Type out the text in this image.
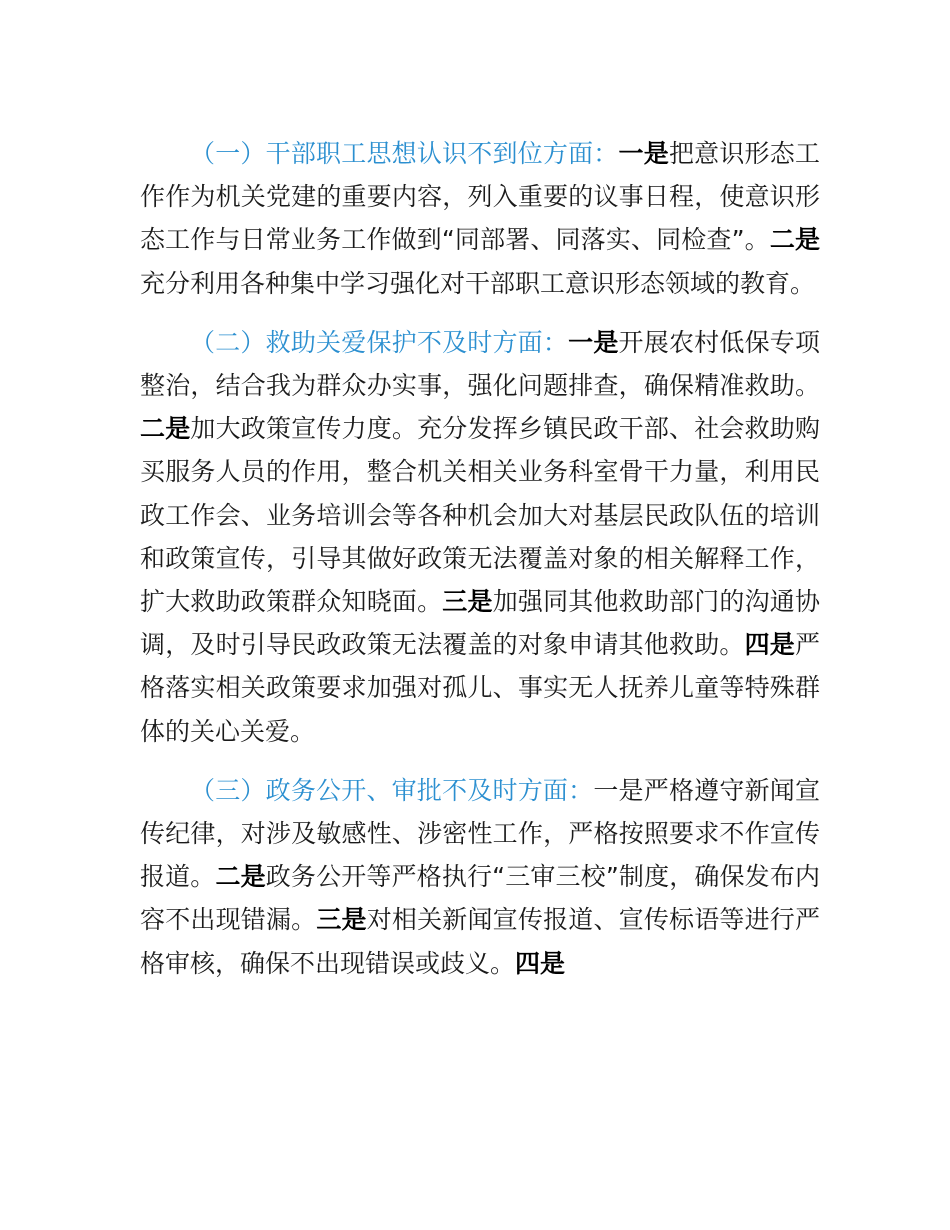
（一）干部职工思想认识不到位方面：一是把意识形态工作作为机关党建的重要内容，列入重要的议事日程，使意识形态工作与日常业务工作做到“同部署、同落实、同检查”。二是充分利用各种集中学习强化对干部职工意识形态领域的教育。

（二）救助关爱保护不及时方面：一是开展农村低保专项整治，结合我为群众办实事，强化问题排查，确保精准救助。二是加大政策宣传力度。充分发挥乡镇民政干部、社会救助购买服务人员的作用，整合机关相关业务科室骨干力量，利用民政工作会、业务培训会等各种机会加大对基层民政队伍的培训和政策宣传，引导其做好政策无法覆盖对象的相关解释工作，扩大救助政策群众知晓面。三是加强同其他救助部门的沟通协调，及时引导民政政策无法覆盖的对象申请其他救助。四是严格落实相关政策要求加强对孤儿、事实无人抚养儿童等特殊群体的关心关爱。

（三）政务公开、审批不及时方面：一是严格遵守新闻宣传纪律，对涉及敏感性、涉密性工作，严格按照要求不作宣传报道。二是政务公开等严格执行“三审三校”制度，确保发布内容不出现错漏。三是对相关新闻宣传报道、宣传标语等进行严格审核，确保不出现错误或歧义。四是
